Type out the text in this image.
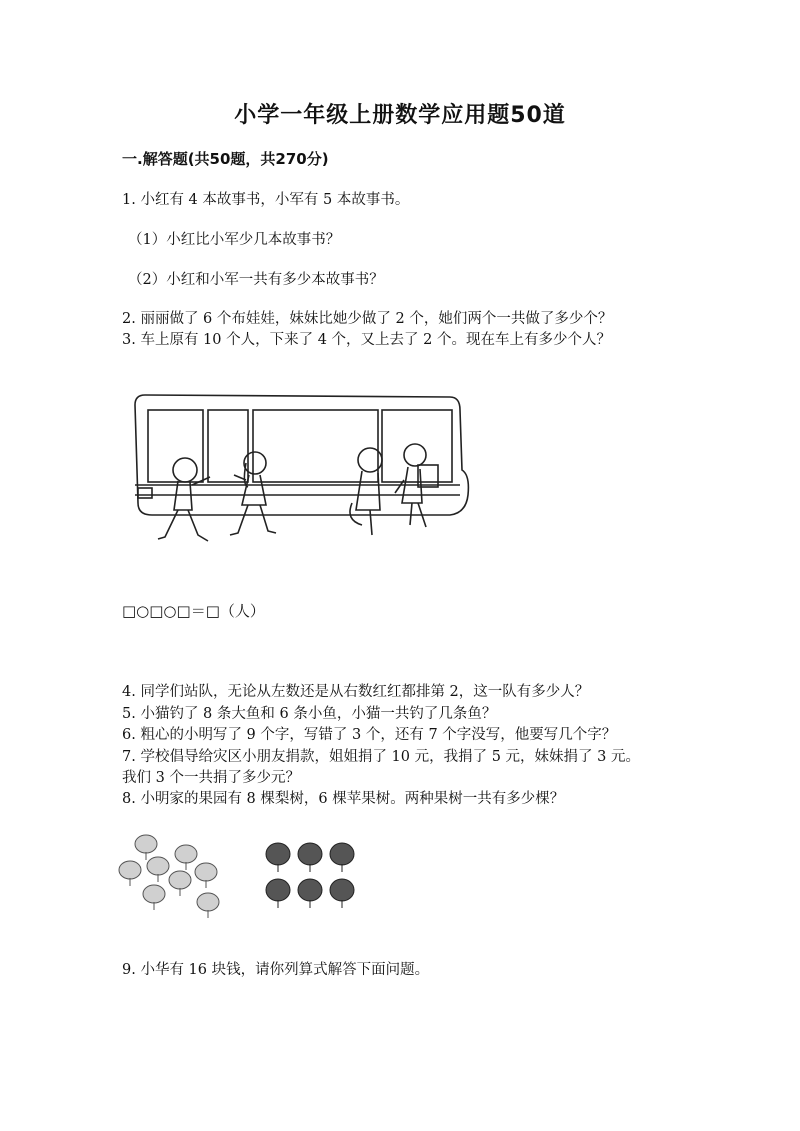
小学一年级上册数学应用题50道
一.解答题(共50题，共270分)
1. 小红有 4 本故事书，小军有 5 本故事书。
（1）小红比小军少几本故事书？
（2）小红和小军一共有多少本故事书？
2. 丽丽做了 6 个布娃娃，妹妹比她少做了 2 个，她们两个一共做了多少个？
3. 车上原有 10 个人，下来了 4 个，又上去了 2 个。现在车上有多少个人？
□○□○□＝□（人）
4. 同学们站队，无论从左数还是从右数红红都排第 2，这一队有多少人？
5. 小猫钓了 8 条大鱼和 6 条小鱼，小猫一共钓了几条鱼？
6. 粗心的小明写了 9 个字，写错了 3 个，还有 7 个字没写，他要写几个字？
7. 学校倡导给灾区小朋友捐款，姐姐捐了 10 元，我捐了 5 元，妹妹捐了 3 元。
我们 3 个一共捐了多少元？
8. 小明家的果园有 8 棵梨树，6 棵苹果树。两种果树一共有多少棵？
9. 小华有 16 块钱，请你列算式解答下面问题。
